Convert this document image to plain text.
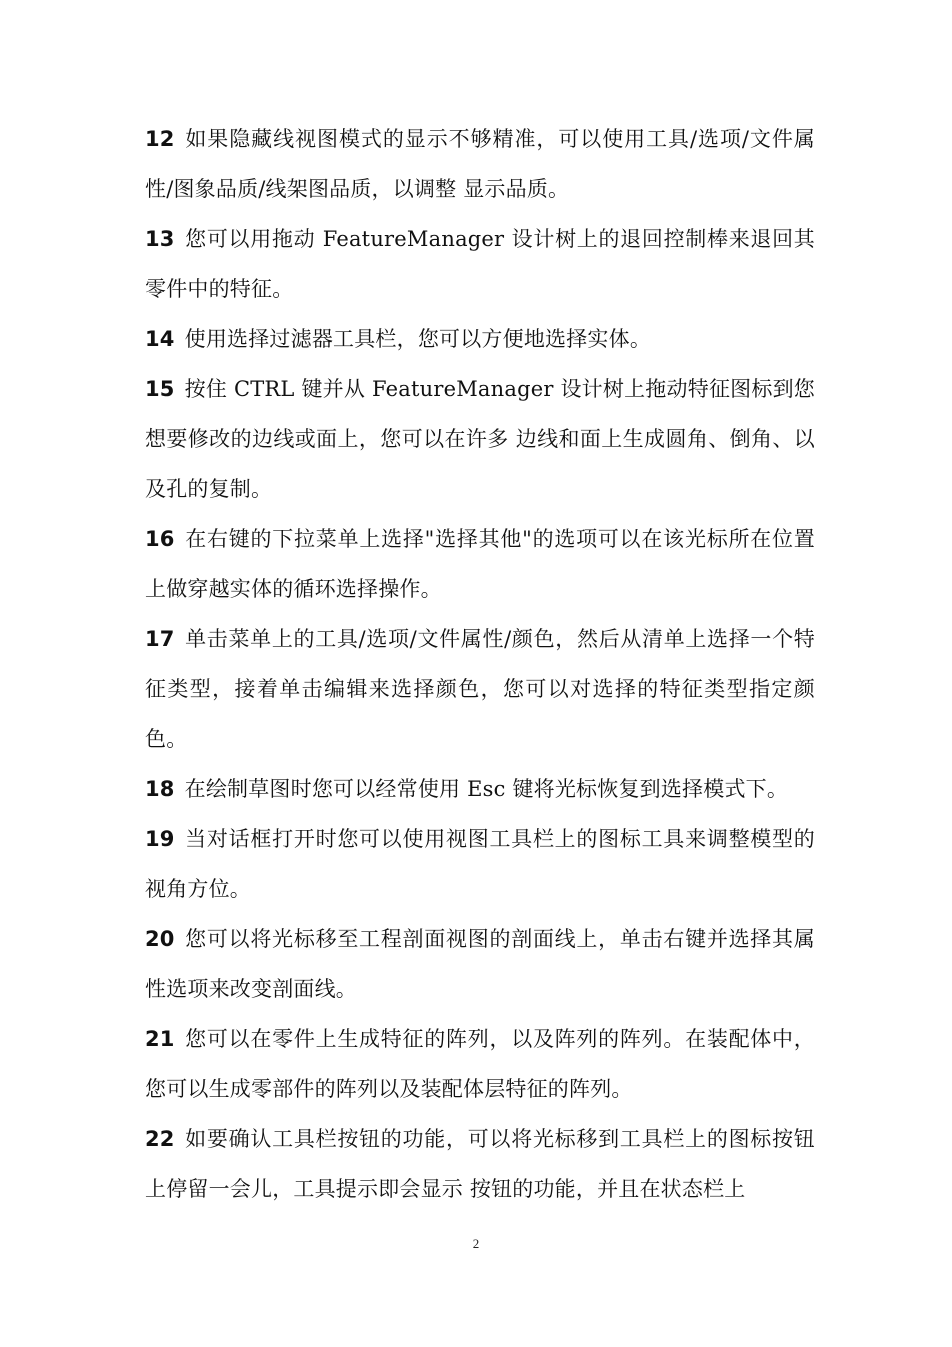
12 如果隐藏线视图模式的显示不够精准，可以使用工具/选项/文件属性/图象品质/线架图品质，以调整 显示品质。

13 您可以用拖动 FeatureManager 设计树上的退回控制棒来退回其零件中的特征。

14 使用选择过滤器工具栏，您可以方便地选择实体。

15 按住 CTRL 键并从 FeatureManager 设计树上拖动特征图标到您想要修改的边线或面上，您可以在许多 边线和面上生成圆角、倒角、以及孔的复制。

16 在右键的下拉菜单上选择"选择其他"的选项可以在该光标所在位置上做穿越实体的循环选择操作。

17 单击菜单上的工具/选项/文件属性/颜色，然后从清单上选择一个特征类型，接着单击编辑来选择颜色，您可以对选择的特征类型指定颜色。

18 在绘制草图时您可以经常使用 Esc 键将光标恢复到选择模式下。

19 当对话框打开时您可以使用视图工具栏上的图标工具来调整模型的视角方位。

20 您可以将光标移至工程剖面视图的剖面线上，单击右键并选择其属性选项来改变剖面线。

21 您可以在零件上生成特征的阵列，以及阵列的阵列。在装配体中，您可以生成零部件的阵列以及装配体层特征的阵列。

22 如要确认工具栏按钮的功能，可以将光标移到工具栏上的图标按钮上停留一会儿，工具提示即会显示 按钮的功能，并且在状态栏上

2
